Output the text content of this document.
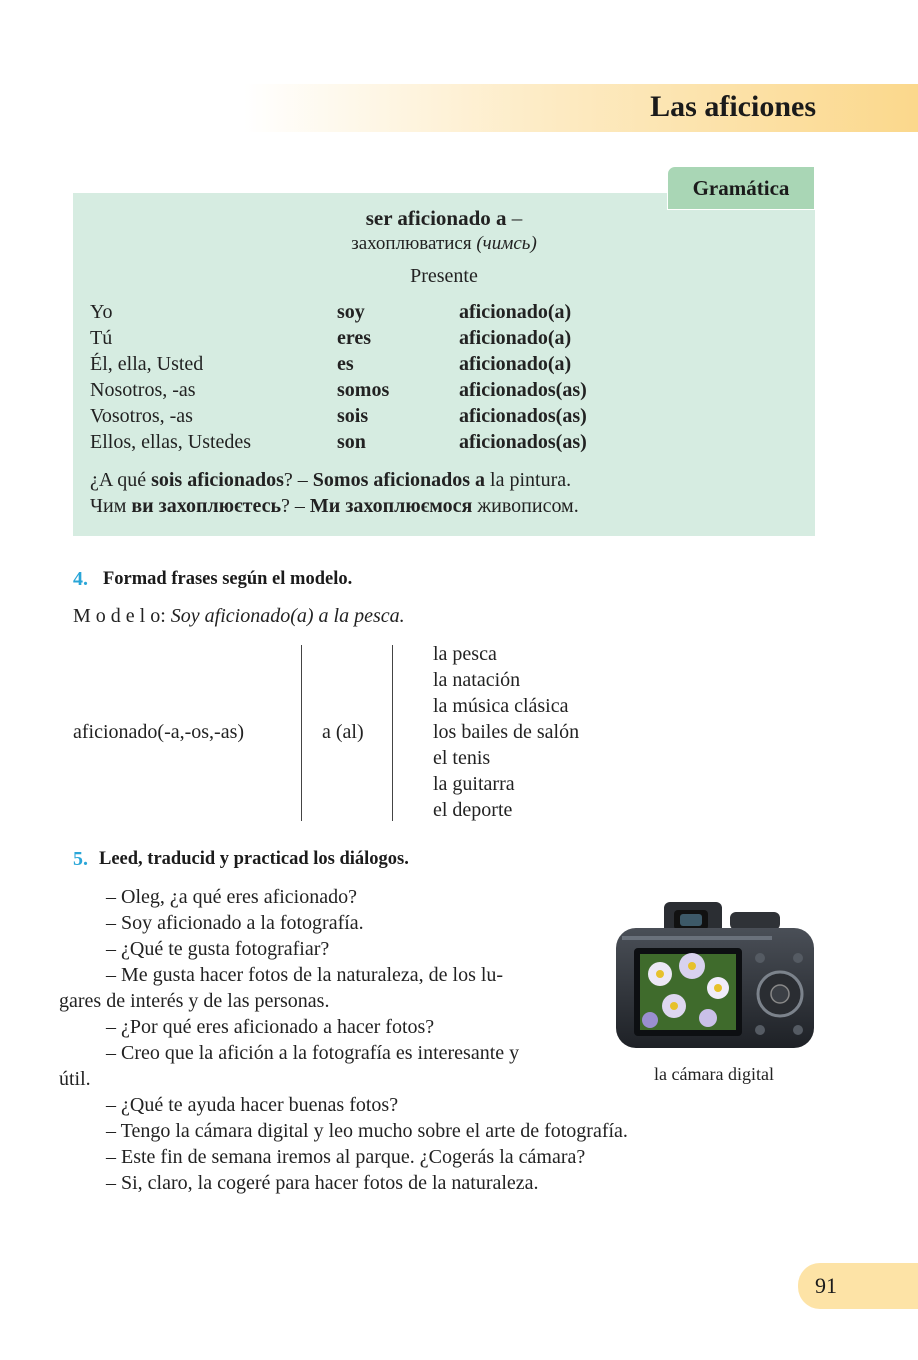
Las aficiones
Gramática
ser aficionado a –
захоплюватися (чимсь)
Presente
Yo	soy	aficionado(a)
Tú	eres	aficionado(a)
Él, ella, Usted	es	aficionado(a)
Nosotros, -as	somos	aficionados(as)
Vosotros, -as	sois	aficionados(as)
Ellos, ellas, Ustedes	son	aficionados(as)
¿A qué sois aficionados? – Somos aficionados a la pintura.
Чим ви захоплюєтесь? – Ми захоплюємося живописом.
4. Formad frases según el modelo.
M o d e l o: Soy aficionado(a) a la pesca.
aficionado(-a,-os,-as)	a (al)
la pesca
la natación
la música clásica
los bailes de salón
el tenis
la guitarra
el deporte
5. Leed, traducid y practicad los diálogos.
– Oleg, ¿a qué eres aficionado?
– Soy aficionado a la fotografía.
– ¿Qué te gusta fotografiar?
– Me gusta hacer fotos de la naturaleza, de los lu-
gares de interés y de las personas.
– ¿Por qué eres aficionado a hacer fotos?
– Creo que la afición a la fotografía es interesante y
útil.
– ¿Qué te ayuda hacer buenas fotos?
– Tengo la cámara digital y leo mucho sobre el arte de fotografía.
– Este fin de semana iremos al parque. ¿Cogerás la cámara?
– Si, claro, la cogeré para hacer fotos de la naturaleza.
la cámara digital
91
